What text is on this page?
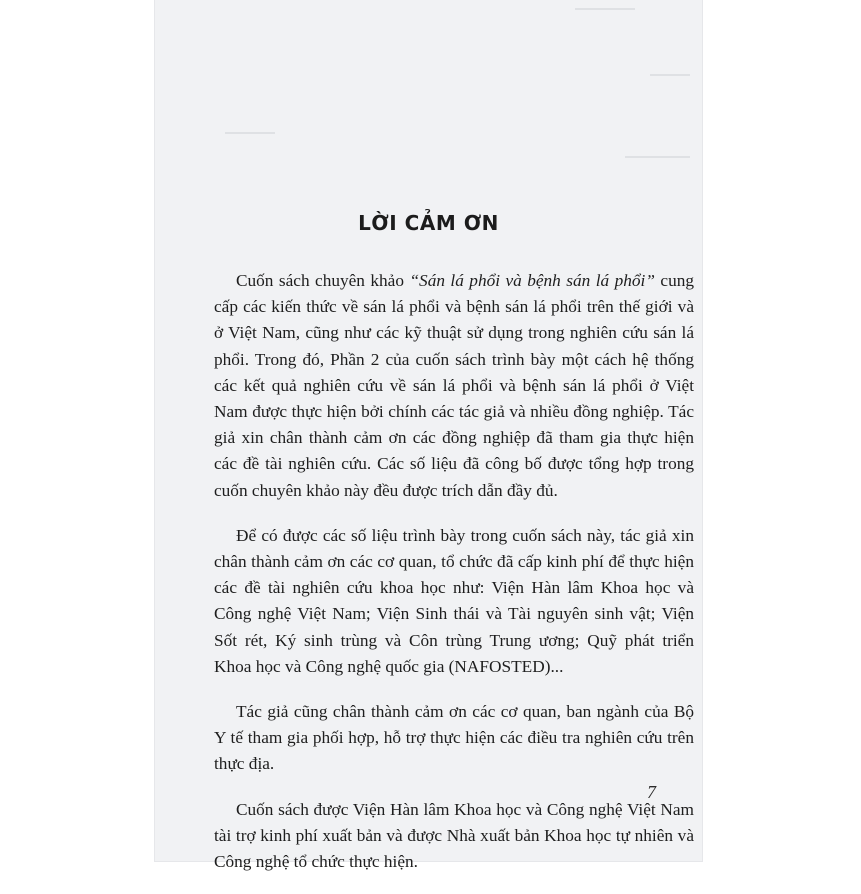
LỜI CẢM ƠN

Cuốn sách chuyên khảo “Sán lá phổi và bệnh sán lá phổi” cung cấp các kiến thức về sán lá phổi và bệnh sán lá phổi trên thế giới và ở Việt Nam, cũng như các kỹ thuật sử dụng trong nghiên cứu sán lá phổi. Trong đó, Phần 2 của cuốn sách trình bày một cách hệ thống các kết quả nghiên cứu về sán lá phổi và bệnh sán lá phổi ở Việt Nam được thực hiện bởi chính các tác giả và nhiều đồng nghiệp. Tác giả xin chân thành cảm ơn các đồng nghiệp đã tham gia thực hiện các đề tài nghiên cứu. Các số liệu đã công bố được tổng hợp trong cuốn chuyên khảo này đều được trích dẫn đầy đủ.

Để có được các số liệu trình bày trong cuốn sách này, tác giả xin chân thành cảm ơn các cơ quan, tổ chức đã cấp kinh phí để thực hiện các đề tài nghiên cứu khoa học như: Viện Hàn lâm Khoa học và Công nghệ Việt Nam; Viện Sinh thái và Tài nguyên sinh vật; Viện Sốt rét, Ký sinh trùng và Côn trùng Trung ương; Quỹ phát triển Khoa học và Công nghệ quốc gia (NAFOSTED)...

Tác giả cũng chân thành cảm ơn các cơ quan, ban ngành của Bộ Y tế tham gia phối hợp, hỗ trợ thực hiện các điều tra nghiên cứu trên thực địa.

Cuốn sách được Viện Hàn lâm Khoa học và Công nghệ Việt Nam tài trợ kinh phí xuất bản và được Nhà xuất bản Khoa học tự nhiên và Công nghệ tổ chức thực hiện.

7
